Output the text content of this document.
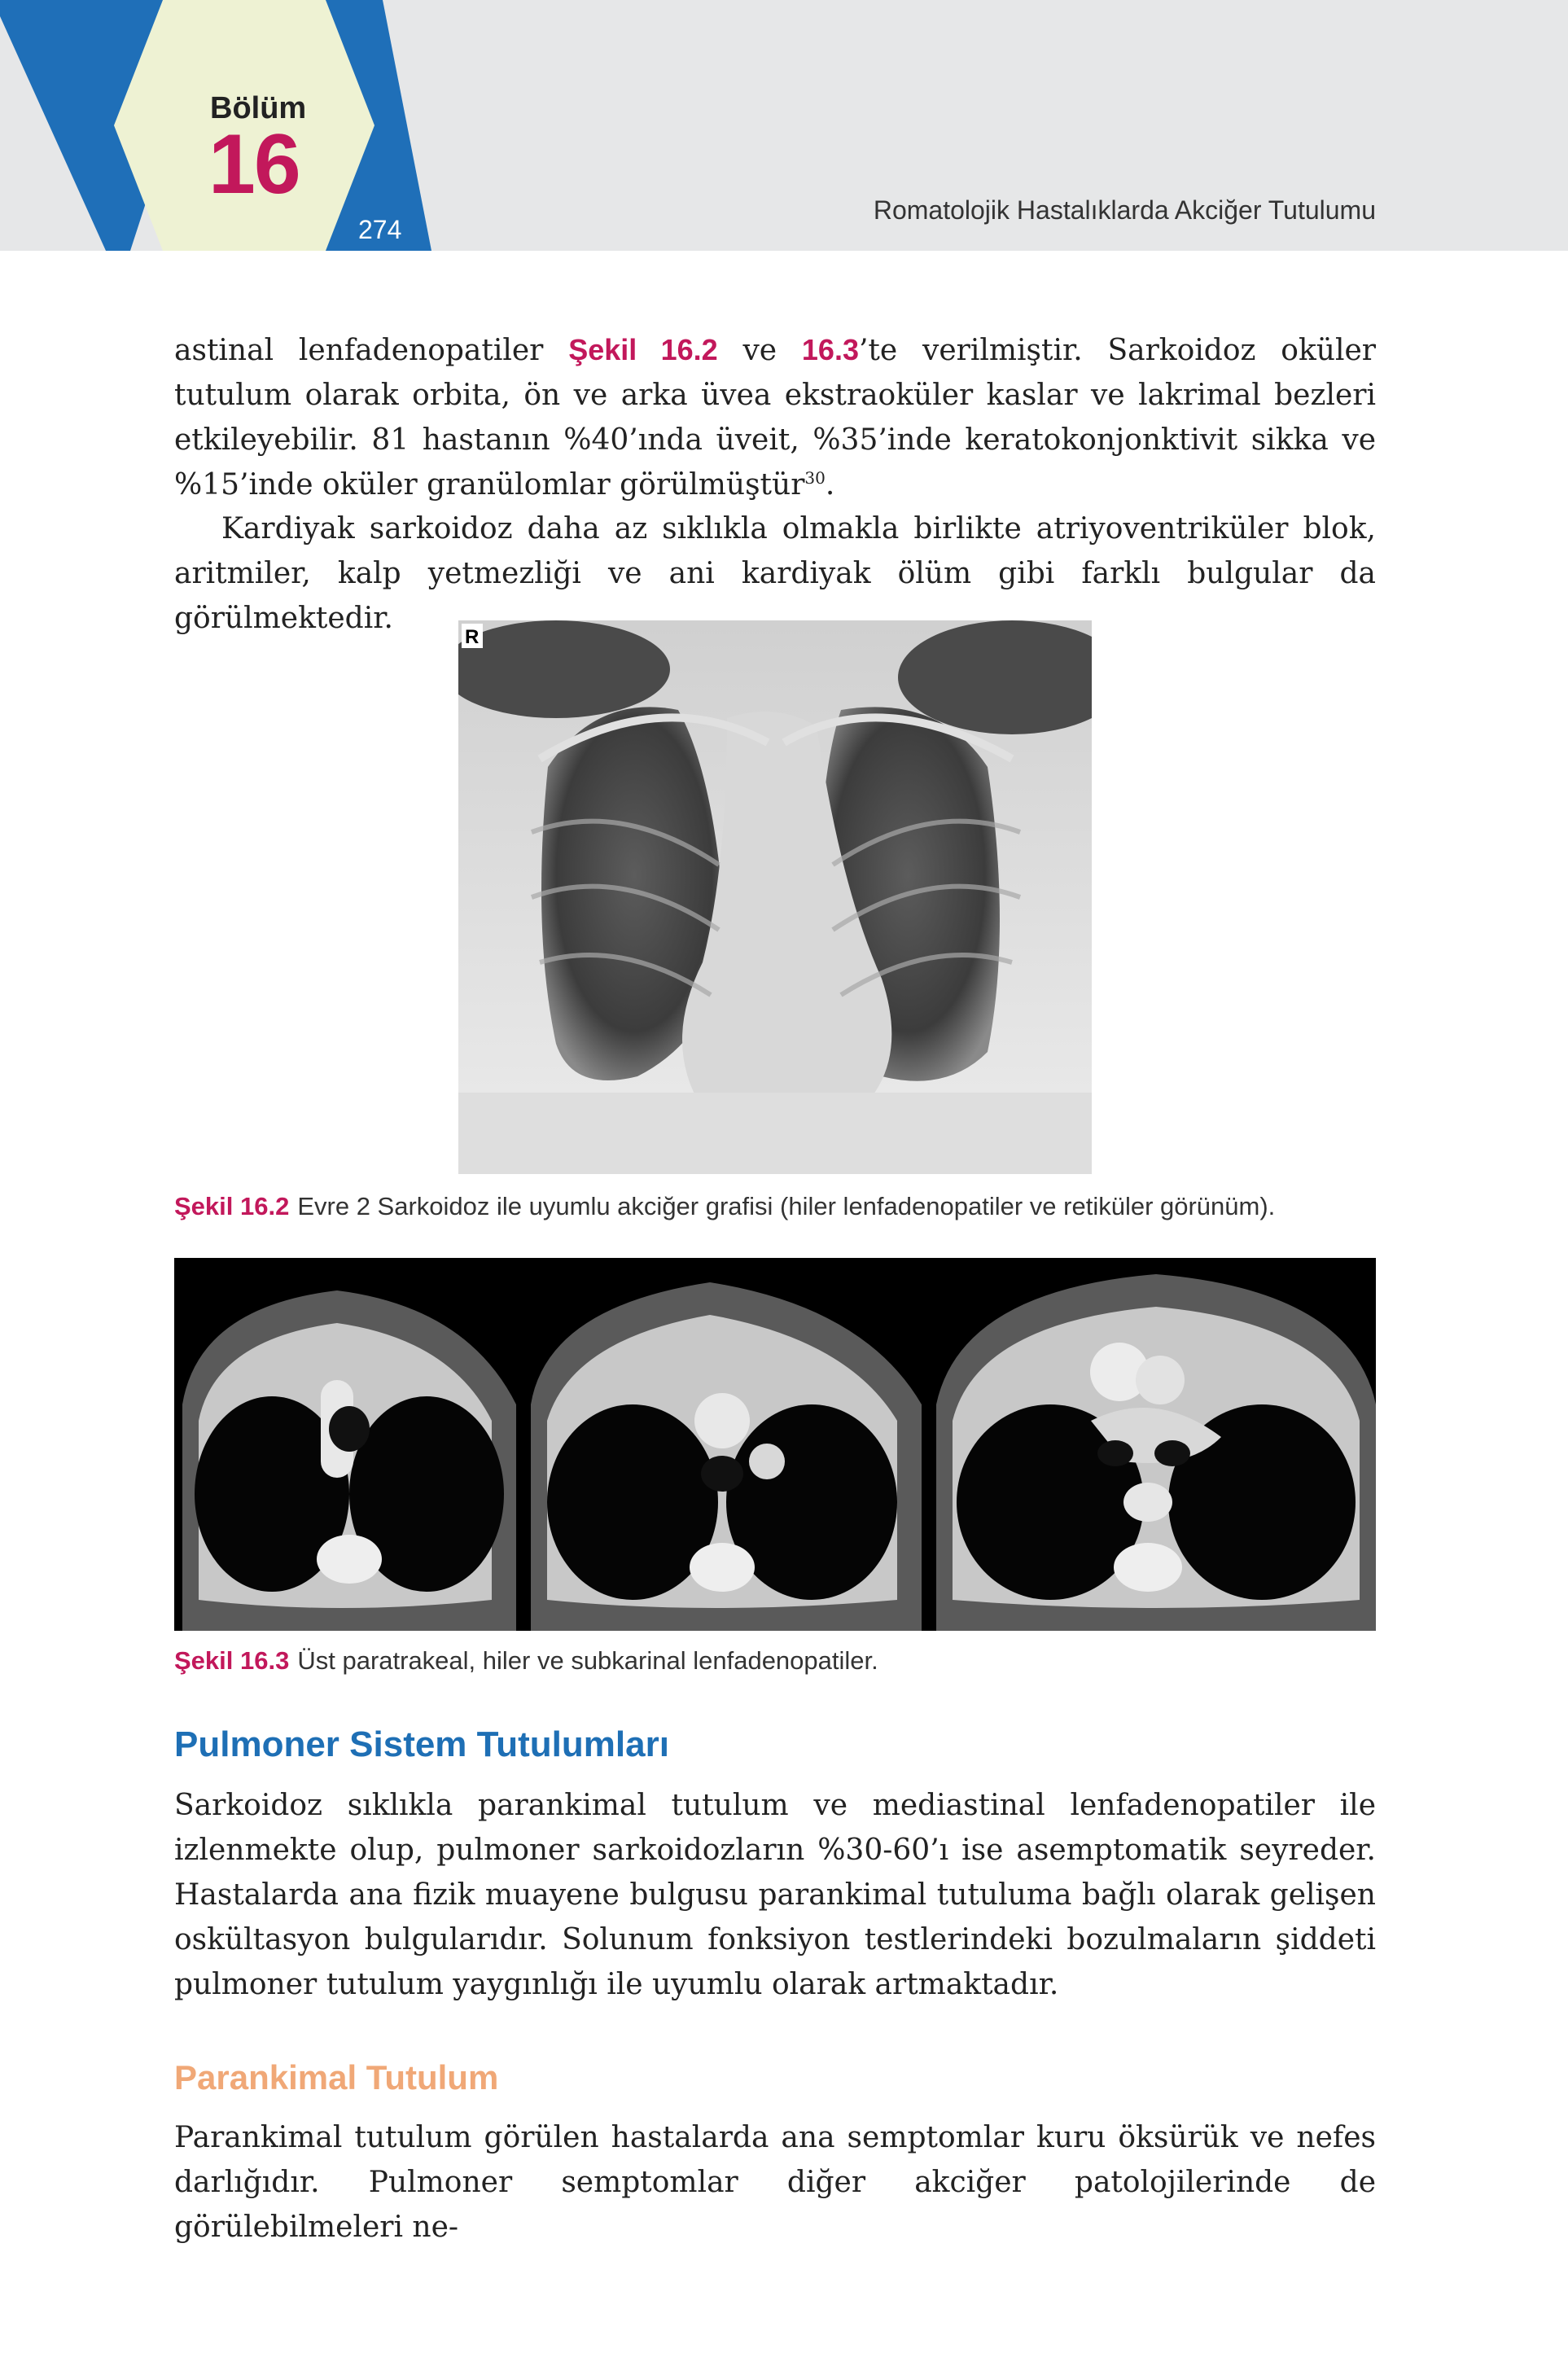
Bölüm
16
274
Romatolojik Hastalıklarda Akciğer Tutulumu

astinal lenfadenopatiler Şekil 16.2 ve 16.3’te verilmiştir. Sarkoidoz oküler tutulum olarak orbita, ön ve arka üvea ekstraoküler kaslar ve lakrimal bezleri etkileyebilir. 81 hastanın %40’ında üveit, %35’inde keratokonjonktivit sikka ve %15’inde oküler granülomlar görülmüştür$^{30}$.

Kardiyak sarkoidoz daha az sıklıkla olmakla birlikte atriyoventriküler blok, aritmiler, kalp yetmezliği ve ani kardiyak ölüm gibi farklı bulgular da görülmektedir.

R
Şekil 16.2 Evre 2 Sarkoidoz ile uyumlu akciğer grafisi (hiler lenfadenopatiler ve retiküler görünüm).
Şekil 16.3 Üst paratrakeal, hiler ve subkarinal lenfadenopatiler.
Pulmoner Sistem Tutulumları

Sarkoidoz sıklıkla parankimal tutulum ve mediastinal lenfadenopatiler ile izlenmekte olup, pulmoner sarkoidozların %30-60’ı ise asemptomatik seyreder. Hastalarda ana fizik muayene bulgusu parankimal tutuluma bağlı olarak gelişen oskültasyon bulgularıdır. Solunum fonksiyon testlerindeki bozulmaların şiddeti pulmoner tutulum yaygınlığı ile uyumlu olarak artmaktadır.

Parankimal Tutulum

Parankimal tutulum görülen hastalarda ana semptomlar kuru öksürük ve nefes darlığıdır. Pulmoner semptomlar diğer akciğer patolojilerinde de görülebilmeleri ne-
